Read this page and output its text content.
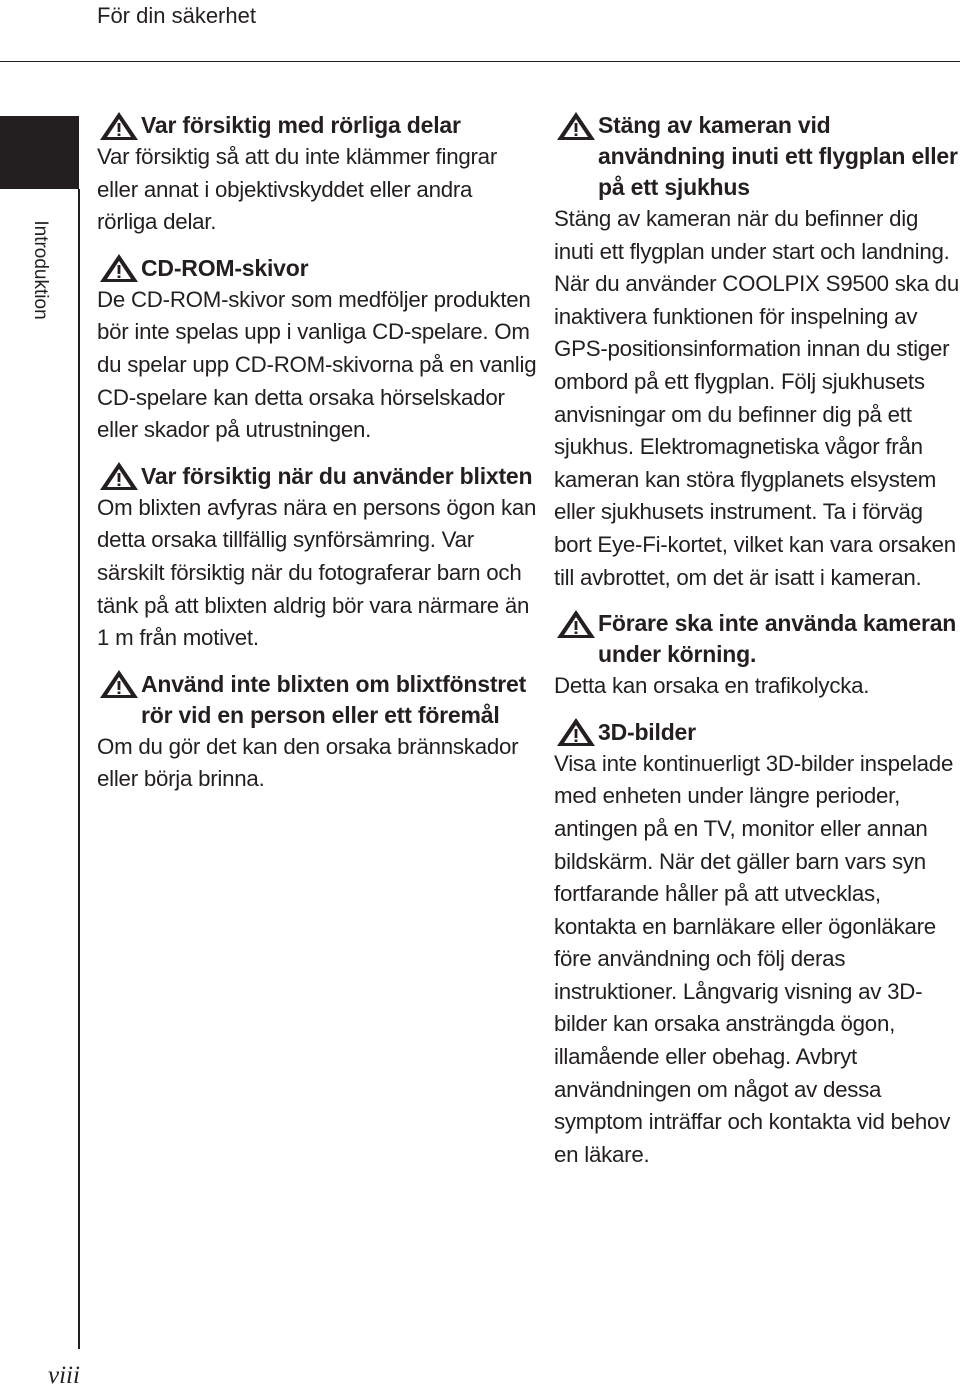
För din säkerhet
Introduktion
Var försiktig med rörliga delar
Var försiktig så att du inte klämmer fingrar eller annat i objektivskyddet eller andra rörliga delar.
CD-ROM-skivor
De CD-ROM-skivor som medföljer produkten bör inte spelas upp i vanliga CD-spelare. Om du spelar upp CD-ROM-skivorna på en vanlig CD-spelare kan detta orsaka hörselskador eller skador på utrustningen.
Var försiktig när du använder blixten
Om blixten avfyras nära en persons ögon kan detta orsaka tillfällig synförsämring. Var särskilt försiktig när du fotograferar barn och tänk på att blixten aldrig bör vara närmare än 1 m från motivet.
Använd inte blixten om blixtfönstret rör vid en person eller ett föremål
Om du gör det kan den orsaka brännskador eller börja brinna.
Stäng av kameran vid användning inuti ett flygplan eller på ett sjukhus
Stäng av kameran när du befinner dig inuti ett flygplan under start och landning. När du använder COOLPIX S9500 ska du inaktivera funktionen för inspelning av GPS-positionsinformation innan du stiger ombord på ett flygplan. Följ sjukhusets anvisningar om du befinner dig på ett sjukhus. Elektromagnetiska vågor från kameran kan störa flygplanets elsystem eller sjukhusets instrument. Ta i förväg bort Eye-Fi-kortet, vilket kan vara orsaken till avbrottet, om det är isatt i kameran.
Förare ska inte använda kameran under körning.
Detta kan orsaka en trafikolycka.
3D-bilder
Visa inte kontinuerligt 3D-bilder inspelade med enheten under längre perioder, antingen på en TV, monitor eller annan bildskärm. När det gäller barn vars syn fortfarande håller på att utvecklas, kontakta en barnläkare eller ögonläkare före användning och följ deras instruktioner. Långvarig visning av 3D-bilder kan orsaka ansträngda ögon, illamående eller obehag. Avbryt användningen om något av dessa symptom inträffar och kontakta vid behov en läkare.
viii
